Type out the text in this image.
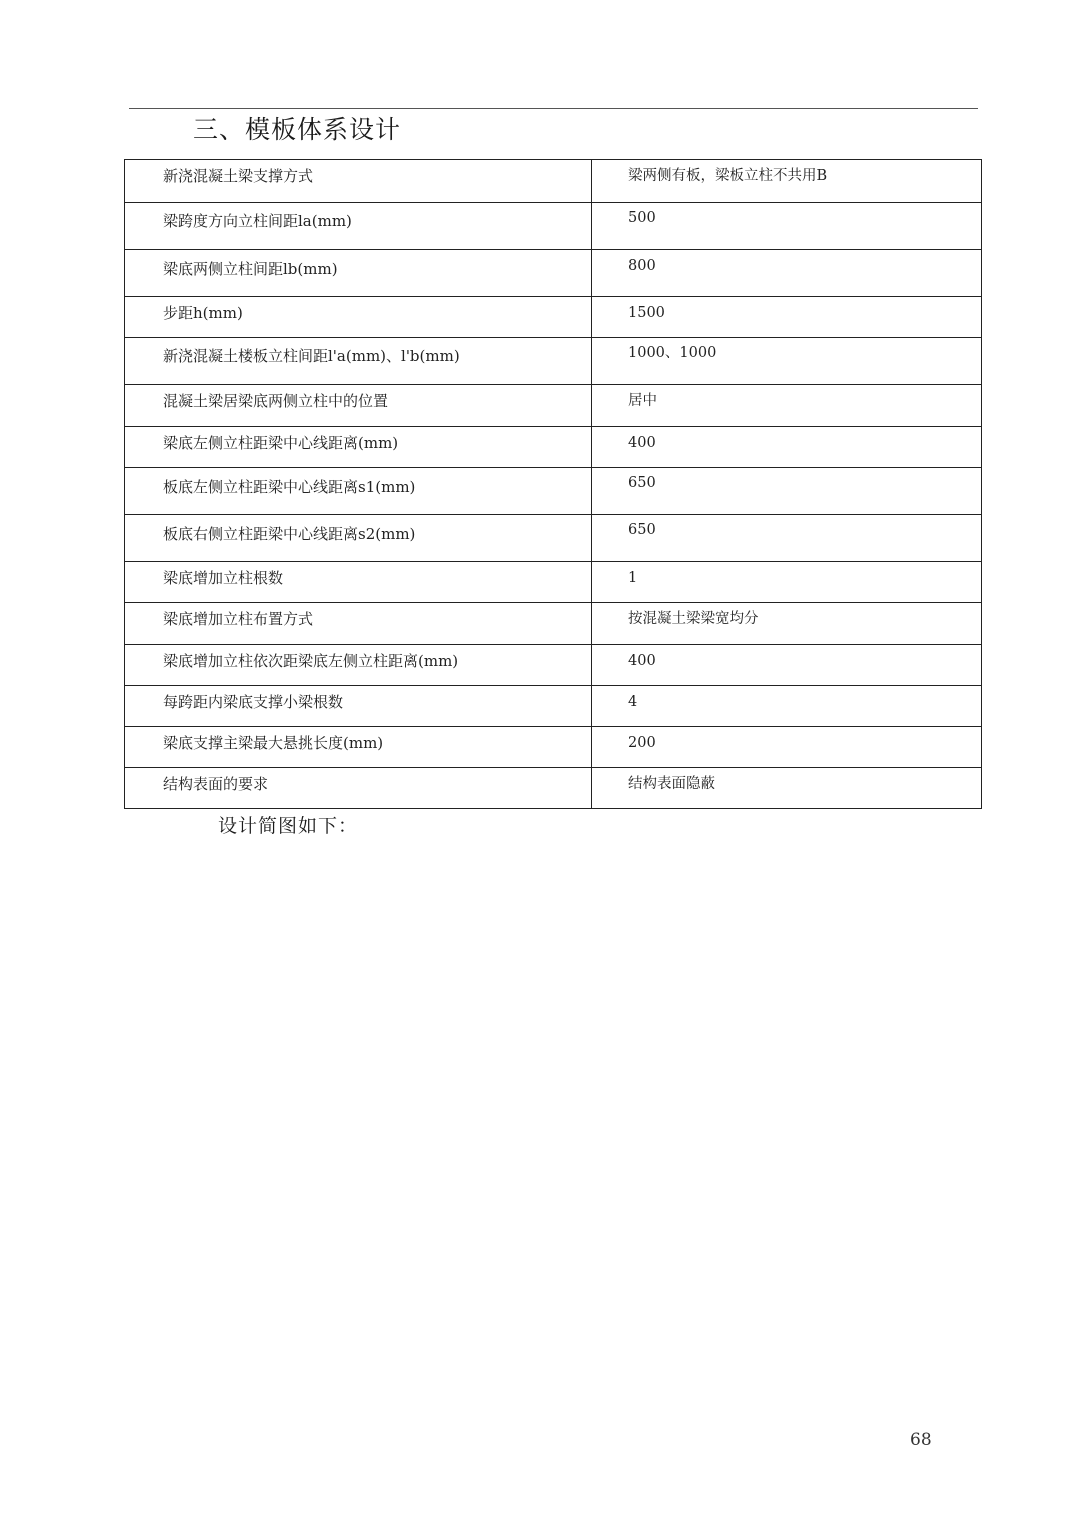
三、模板体系设计
新浇混凝土梁支撑方式	梁两侧有板，梁板立柱不共用B
梁跨度方向立柱间距la(mm)	500
梁底两侧立柱间距lb(mm)	800
步距h(mm)	1500
新浇混凝土楼板立柱间距l'a(mm)、l'b(mm)	1000、1000
混凝土梁居梁底两侧立柱中的位置	居中
梁底左侧立柱距梁中心线距离(mm)	400
板底左侧立柱距梁中心线距离s1(mm)	650
板底右侧立柱距梁中心线距离s2(mm)	650
梁底增加立柱根数	1
梁底增加立柱布置方式	按混凝土梁梁宽均分
梁底增加立柱依次距梁底左侧立柱距离(mm)	400
每跨距内梁底支撑小梁根数	4
梁底支撑主梁最大悬挑长度(mm)	200
结构表面的要求	结构表面隐蔽
设计简图如下：
68
